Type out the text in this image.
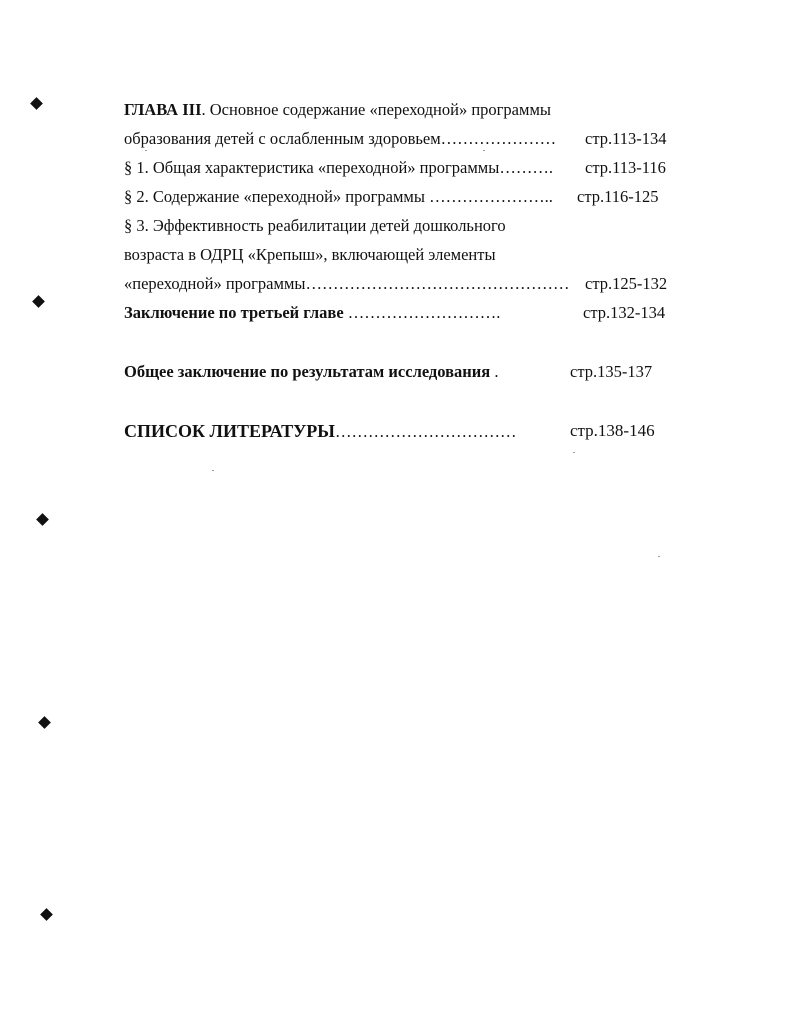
ГЛАВА III. Основное содержание «переходной» программы
образования детей с ослабленным здоровьем………………… стр.113-134
§ 1. Общая характеристика «переходной» программы………. стр.113-116
§ 2. Содержание «переходной» программы ………………….. стр.116-125
§ 3. Эффективность реабилитации детей дошкольного
возраста в ОДРЦ «Крепыш», включающей элементы
«переходной» программы………………………………………… стр.125-132
Заключение по третьей главе ……………………….	стр.132-134
Общее заключение по результатам исследования .	стр.135-137
СПИСОК ЛИТЕРАТУРЫ……………………………	стр.138-146
